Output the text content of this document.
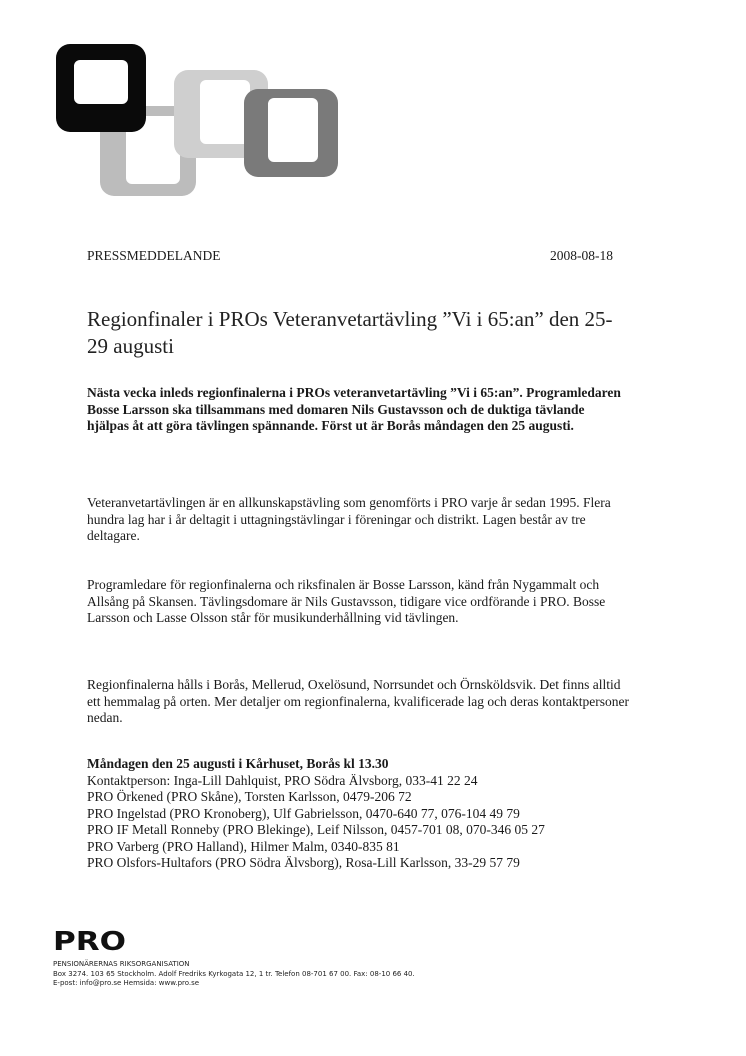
PRESSMEDDELANDE	2008-08-18
Regionfinaler i PROs Veteranvetartävling ”Vi i 65:an” den 25-29 augusti
Nästa vecka inleds regionfinalerna i PROs veteranvetartävling ”Vi i 65:an”. Programledaren Bosse Larsson ska tillsammans med domaren Nils Gustavsson och de duktiga tävlande hjälpas åt att göra tävlingen spännande. Först ut är Borås måndagen den 25 augusti.

Veteranvetartävlingen är en allkunskapstävling som genomförts i PRO varje år sedan 1995. Flera hundra lag har i år deltagit i uttagningstävlingar i föreningar och distrikt. Lagen består av tre deltagare.

Programledare för regionfinalerna och riksfinalen är Bosse Larsson, känd från Nygammalt och Allsång på Skansen. Tävlingsdomare är Nils Gustavsson, tidigare vice ordförande i PRO. Bosse Larsson och Lasse Olsson står för musikunderhållning vid tävlingen.

Regionfinalerna hålls i Borås, Mellerud, Oxelösund, Norrsundet och Örnsköldsvik. Det finns alltid ett hemmalag på orten. Mer detaljer om regionfinalerna, kvalificerade lag och deras kontaktpersoner nedan.

Måndagen den 25 augusti i Kårhuset, Borås kl 13.30
Kontaktperson: Inga-Lill Dahlquist, PRO Södra Älvsborg, 033-41 22 24
PRO Örkened (PRO Skåne), Torsten Karlsson, 0479-206 72
PRO Ingelstad (PRO Kronoberg), Ulf Gabrielsson, 0470-640 77, 076-104 49 79
PRO IF Metall Ronneby (PRO Blekinge), Leif Nilsson, 0457-701 08, 070-346 05 27
PRO Varberg (PRO Halland), Hilmer Malm, 0340-835 81
PRO Olsfors-Hultafors (PRO Södra Älvsborg), Rosa-Lill Karlsson, 33-29 57 79
PRO
PENSIONÄRERNAS RIKSORGANISATION
Box 3274. 103 65 Stockholm. Adolf Fredriks Kyrkogata 12, 1 tr. Telefon 08-701 67 00. Fax: 08-10 66 40.
E-post: info@pro.se Hemsida: www.pro.se
